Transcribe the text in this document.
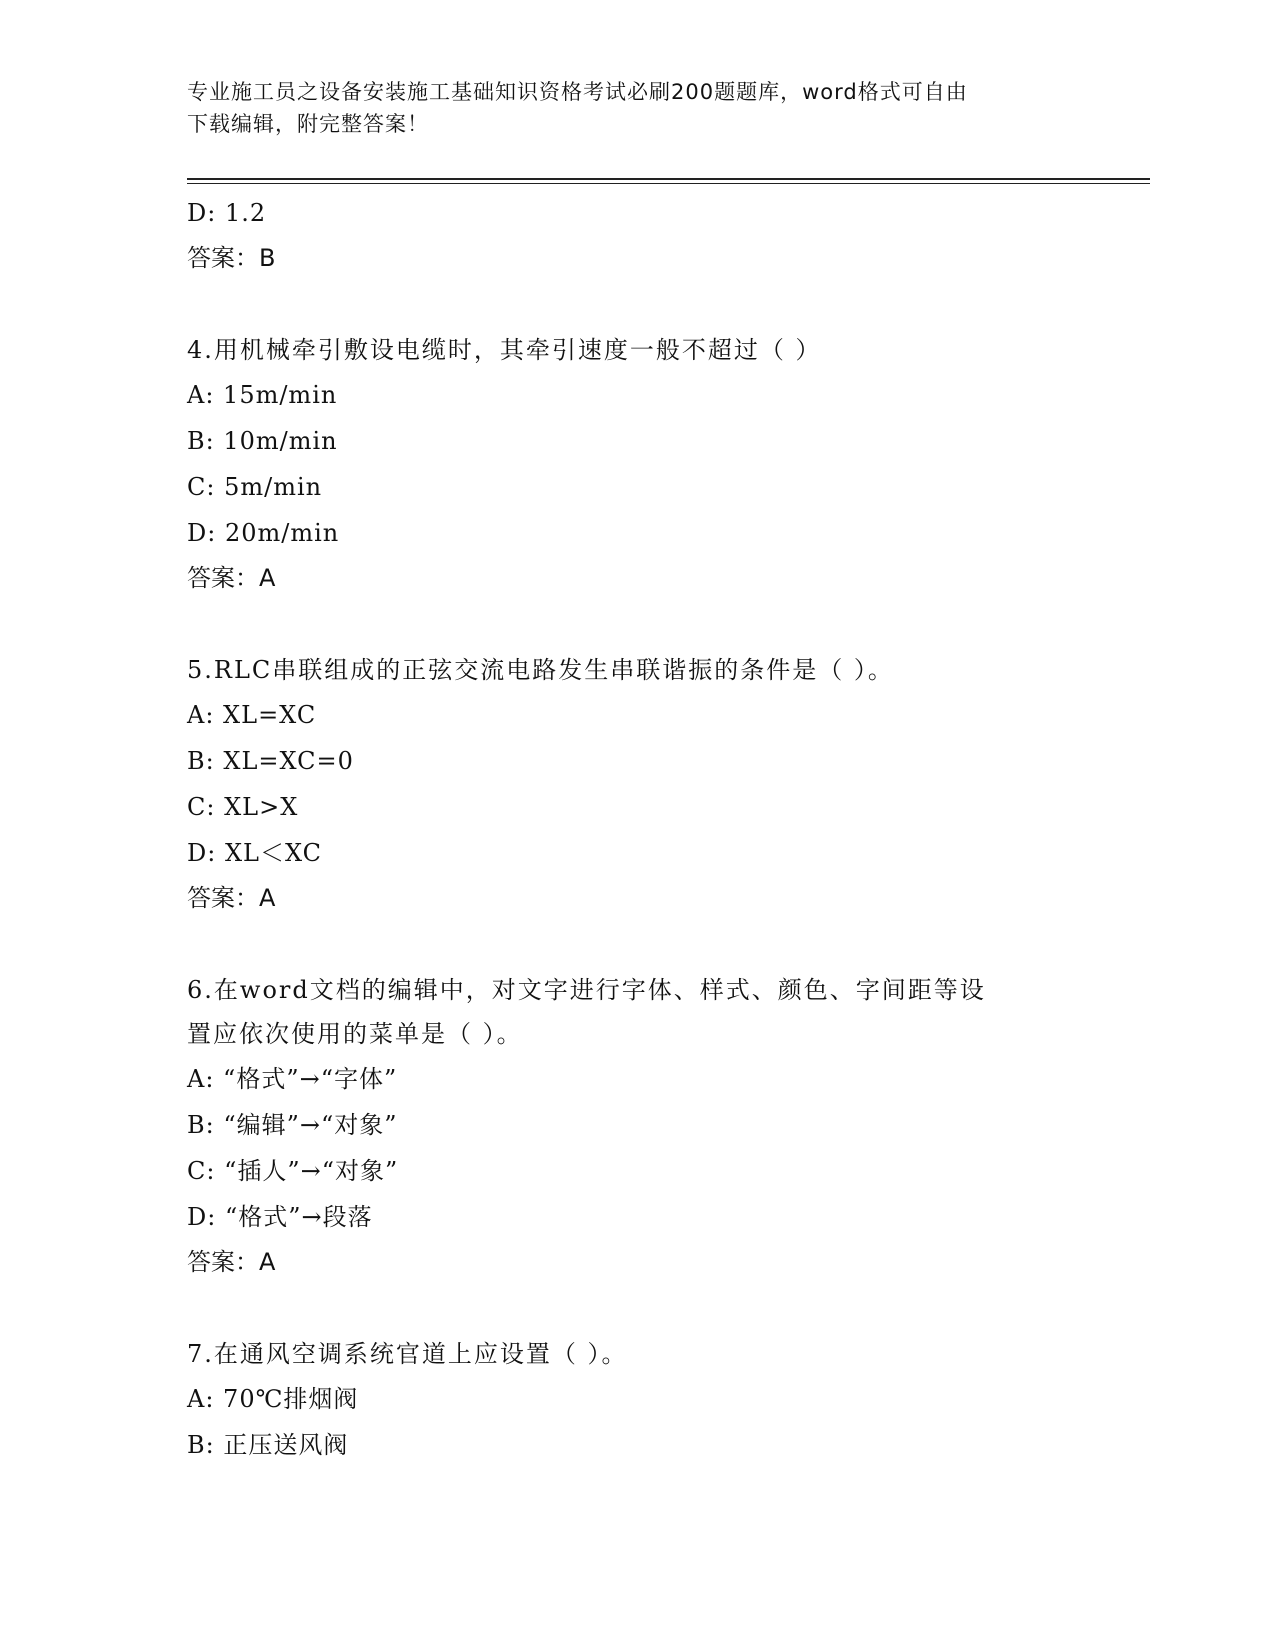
专业施工员之设备安装施工基础知识资格考试必刷200题题库，word格式可自由
下载编辑，附完整答案！
D: 1.2
答案：B
4.用机械牵引敷设电缆时，其牵引速度一般不超过（ ）
A: 15m/min
B: 10m/min
C: 5m/min
D: 20m/min
答案：A
5.RLC串联组成的正弦交流电路发生串联谐振的条件是（ ）。
A: XL=XC
B: XL=XC=0
C: XL>X
D: XL＜XC
答案：A
6.在word文档的编辑中，对文字进行字体、样式、颜色、字间距等设
置应依次使用的菜单是（ ）。
A: “格式”→“字体”
B: “编辑”→“对象”
C: “插人”→“对象”
D: “格式”→段落
答案：A
7.在通风空调系统官道上应设置（ ）。
A: 70℃排烟阀
B: 正压送风阀
